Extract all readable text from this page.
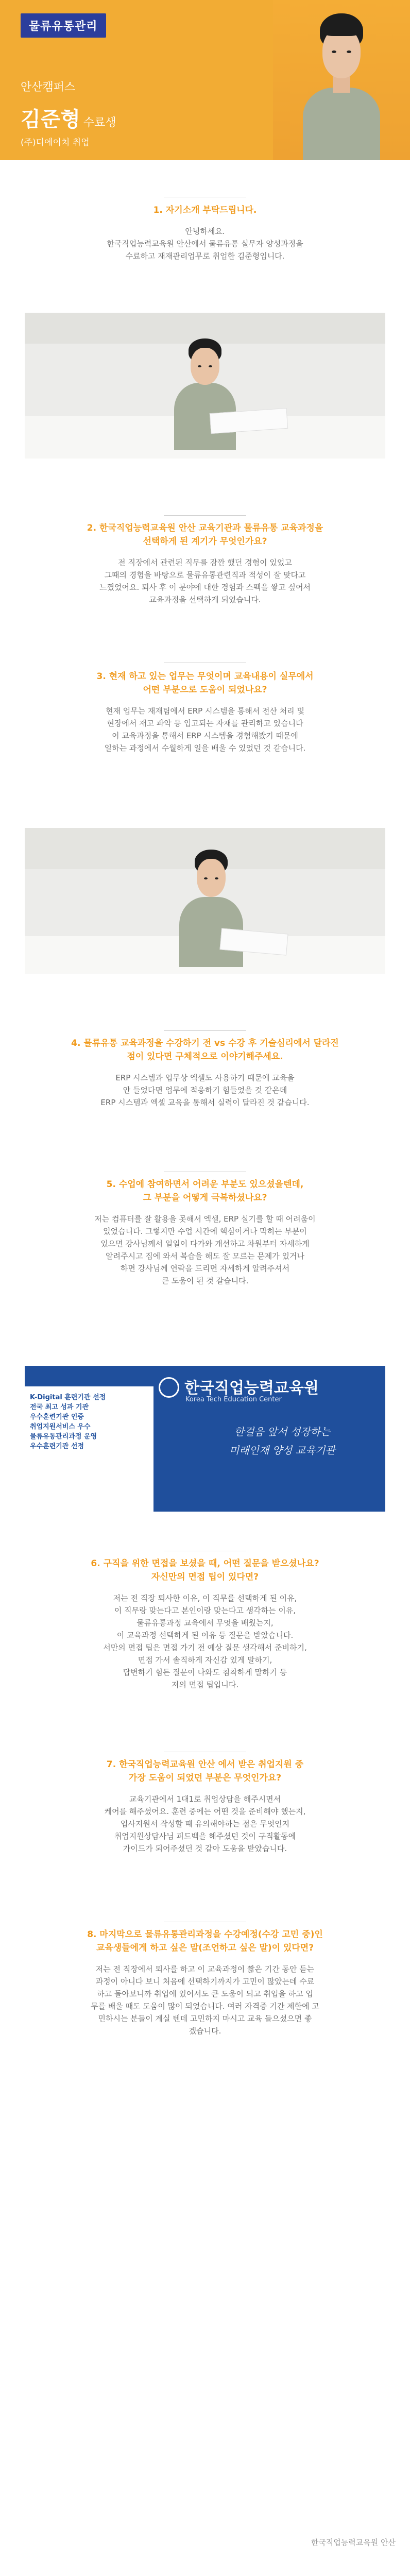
물류유통관리
안산캠퍼스
김준형 수료생
(주)디에이치 취업
1. 자기소개 부탁드립니다.
안녕하세요.
한국직업능력교육원 안산에서 물류유통 실무자 양성과정을
수료하고 재재관리업무로 취업한 김준형입니다.
2. 한국직업능력교육원 안산 교육기관과 물류유통 교육과정을
선택하게 된 계기가 무엇인가요?
전 직장에서 관련된 직무를 잠깐 했던 경험이 있었고
그때의 경험을 바탕으로 물류유통관련직과 적성이 잘 맞다고
느꼈었어요. 퇴사 후 이 분야에 대한 경험과 스펙을 쌓고 싶어서
교육과정을 선택하게 되었습니다.
3. 현재 하고 있는 업무는 무엇이며 교육내용이 실무에서
어떤 부분으로 도움이 되었나요?
현재 업무는 재재팀에서 ERP 시스템을 통해서 전산 처리 및
현장에서 재고 파악 등 입고되는 자재를 관리하고 있습니다
이 교육과정을 통해서 ERP 시스템을 경험해봤기 때문에
일하는 과정에서 수월하게 일을 배울 수 있었던 것 같습니다.
4. 물류유통 교육과정을 수강하기 전 vs 수강 후 기술심리에서 달라진
점이 있다면 구체적으로 이야기해주세요.
ERP 시스템과 업무상 엑셀도 사용하기 때문에 교육을
안 들었다면 업무에 적응하기 힘들었을 것 같은데
ERP 시스템과 엑셀 교육을 통해서 실력이 달라진 것 같습니다.
5. 수업에 참여하면서 어려운 부분도 있으셨을텐데,
그 부분을 어떻게 극복하셨나요?
저는 컴퓨터를 잘 활용을 못해서 엑셀, ERP 실기를 할 때 어려움이
있었습니다. 그렇지만 수업 시간에 핵심이거나 막히는 부분이
있으면 강사님께서 일일이 다가와 개선하고 차원부터 자세하게
알려주시고 집에 와서 복습을 해도 잘 모르는 문제가 있거나
하면 강사님께 연락을 드리면 자세하게 알려주셔서
큰 도움이 된 것 같습니다.
K-Digital 훈련기관 선정
전국 최고 성과 기관
우수훈련기관 인증
취업지원서비스 우수
물류유통관리과정 운영
우수훈련기관 선정
한국직업능력교육원
Korea Tech Education Center
한걸음 앞서 성장하는
미래인재 양성 교육기관
6. 구직을 위한 면접을 보셨을 때, 어떤 질문을 받으셨나요?
자신만의 면접 팁이 있다면?
저는 전 직장 퇴사한 이유, 이 직무를 선택하게 된 이유,
이 직무랑 맞는다고 본인이랑 맞는다고 생각하는 이유,
물류유통과정 교육에서 무엇을 배웠는지,
이 교육과정 선택하게 된 이유 등 질문을 받았습니다.
서만의 면접 팁은 면접 가기 전 예상 질문 생각해서 준비하기,
면접 가서 솔직하게 자신감 있게 말하기,
답변하기 힘든 질문이 나와도 침착하게 말하기 등
저의 면접 팁입니다.
7. 한국직업능력교육원 안산 에서 받은 취업지원 중
가장 도움이 되었던 부분은 무엇인가요?
교육기관에서 1대1로 취업상담을 해주시면서
케어를 해주셨어요. 훈련 중에는 어떤 것을 준비해야 했는지,
입사지원서 작성할 때 유의해야하는 점은 무엇인지
취업지원상담사님 피드백을 해주셨던 것이 구직활동에
가이드가 되어주셨던 것 같아 도움을 받았습니다.
8. 마지막으로 물류유통관리과정을 수강예정(수강 고민 중)인
교육생들에게 하고 싶은 말(조언하고 싶은 말)이 있다면?
저는 전 직장에서 퇴사를 하고 이 교육과정이 짧은 기간 동안 듣는
과정이 아니다 보니 처음에 선택하기까지가 고민이 많았는데 수료
하고 돌아보니까 취업에 있어서도 큰 도움이 되고 취업을 하고 업
무를 배울 때도 도움이 많이 되었습니다. 여러 자격증 기간 제한에 고
민하시는 분들이 계실 텐데 고민하지 마시고 교육 들으셨으면 좋
겠습니다.
한국직업능력교육원 안산
